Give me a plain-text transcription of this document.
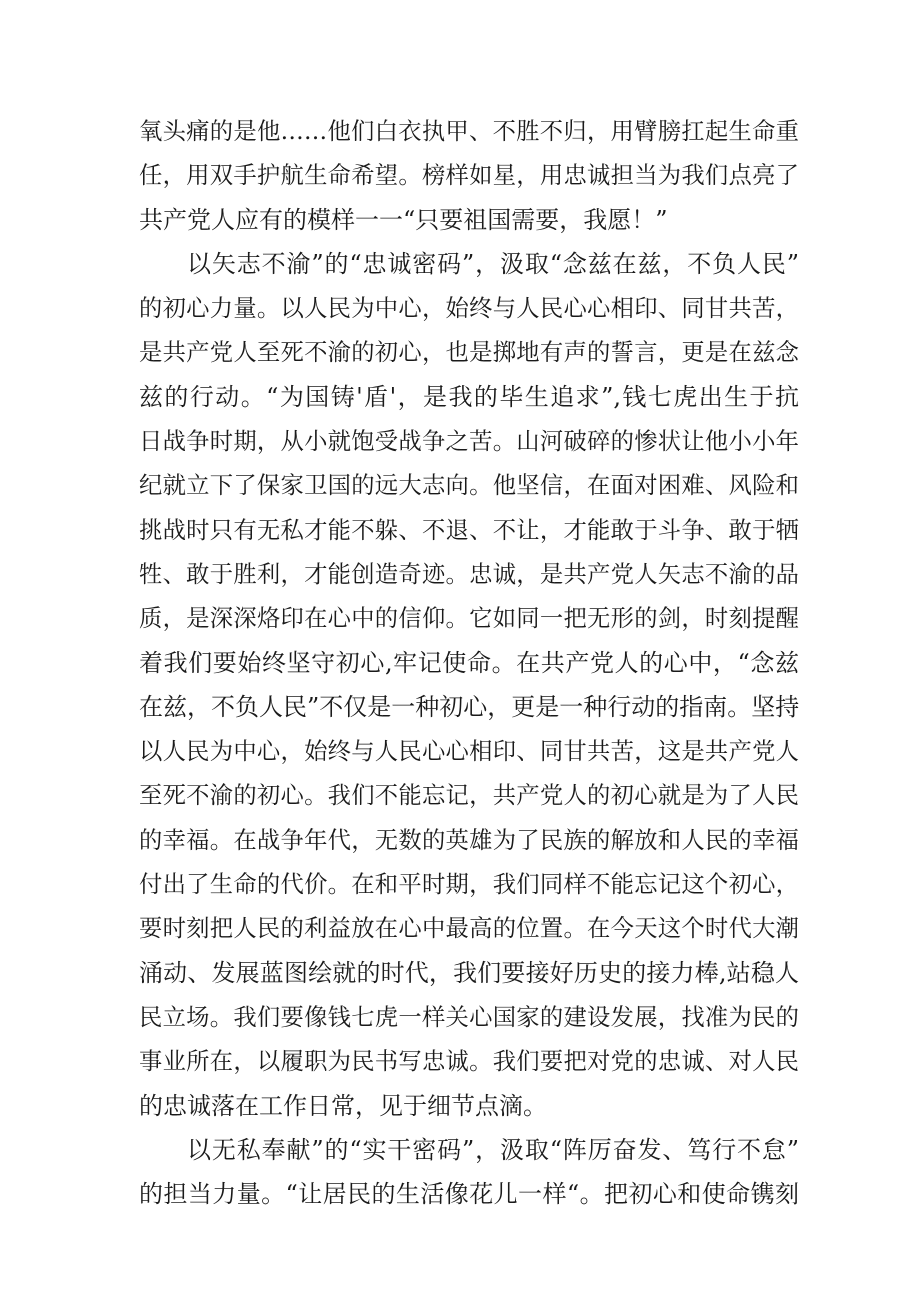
氧头痛的是他……他们白衣执甲、不胜不归，用臂膀扛起生命重
任，用双手护航生命希望。榜样如星，用忠诚担当为我们点亮了
共产党人应有的模样一一“只要祖国需要，我愿！”
以矢志不渝”的“忠诚密码”，汲取“念兹在兹，不负人民”
的初心力量。以人民为中心，始终与人民心心相印、同甘共苦，
是共产党人至死不渝的初心，也是掷地有声的誓言，更是在兹念
兹的行动。“为国铸'盾'，是我的毕生追求”,钱七虎出生于抗
日战争时期，从小就饱受战争之苦。山河破碎的惨状让他小小年
纪就立下了保家卫国的远大志向。他坚信，在面对困难、风险和
挑战时只有无私才能不躲、不退、不让，才能敢于斗争、敢于牺
牲、敢于胜利，才能创造奇迹。忠诚，是共产党人矢志不渝的品
质，是深深烙印在心中的信仰。它如同一把无形的剑，时刻提醒
着我们要始终坚守初心,牢记使命。在共产党人的心中，“念兹
在兹，不负人民”不仅是一种初心，更是一种行动的指南。坚持
以人民为中心，始终与人民心心相印、同甘共苦，这是共产党人
至死不渝的初心。我们不能忘记，共产党人的初心就是为了人民
的幸福。在战争年代，无数的英雄为了民族的解放和人民的幸福
付出了生命的代价。在和平时期，我们同样不能忘记这个初心，
要时刻把人民的利益放在心中最高的位置。在今天这个时代大潮
涌动、发展蓝图绘就的时代，我们要接好历史的接力棒,站稳人
民立场。我们要像钱七虎一样关心国家的建设发展，找准为民的
事业所在，以履职为民书写忠诚。我们要把对党的忠诚、对人民
的忠诚落在工作日常，见于细节点滴。
以无私奉献”的“实干密码”，汲取“阵厉奋发、笃行不怠”
的担当力量。“让居民的生活像花儿一样“。把初心和使命镌刻
